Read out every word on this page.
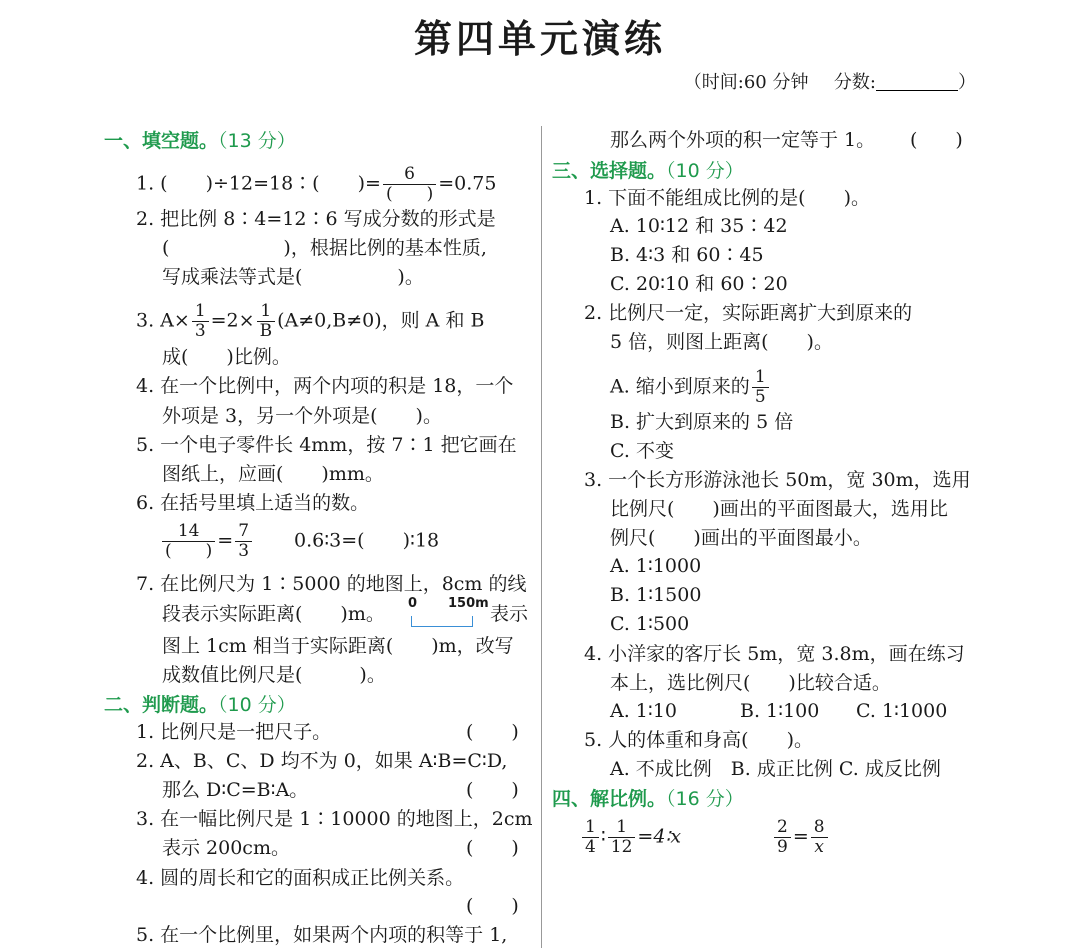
第四单元演练
（时间:60 分钟 分数:	）
一、填空题。（13 分）
1. (　　)÷12=18∶(　　)= $\frac{6}{( )} =0.75$
2. 把比例 8∶4=12∶6 写成分数的形式是
(　　　　　　)，根据比例的基本性质,
写成乘法等式是(　　　　　)。
3. $A\times \frac{1}{3} =2\times \frac{1}{B} (A\ne 0,B\ne 0)$，则 A 和 B
成(　　)比例。
4. 在一个比例中，两个内项的积是 18，一个
外项是 3，另一个外项是(　　)。
5. 一个电子零件长 4mm，按 7∶1 把它画在
图纸上，应画(　　)mm。
6. 在括号里填上适当的数。
$\frac{14}{( )} = \frac{7}{3}$ 0.6∶3=(　　)∶18
7. 在比例尺为 1∶5000 的地图上，8cm 的线
段表示实际距离(　　)m。 0 150m 表示
图上 1cm 相当于实际距离(　　)m，改写
成数值比例尺是(　　　)。
二、判断题。（10 分）
1. 比例尺是一把尺子。	(　　)
2. A、B、C、D 均不为 0，如果 A∶B=C∶D,
那么 D∶C=B∶A。	(　　)
3. 在一幅比例尺是 1∶10000 的地图上，2cm
表示 200cm。	(　　)
4. 圆的周长和它的面积成正比例关系。
(　　)
5. 在一个比例里，如果两个内项的积等于 1,
那么两个外项的积一定等于 1。 (　　)
三、选择题。（10 分）
1. 下面不能组成比例的是(　　)。
A. 10∶12 和 35∶42
B. 4∶3 和 60∶45
C. 20∶10 和 60∶20
2. 比例尺一定，实际距离扩大到原来的
5 倍，则图上距离(　　)。
A. 缩小到原来的 $\frac{1}{5}$
B. 扩大到原来的 5 倍
C. 不变
3. 一个长方形游泳池长 50m，宽 30m，选用
比例尺(　　)画出的平面图最大，选用比
例尺(　　)画出的平面图最小。
A. 1∶1000
B. 1∶1500
C. 1∶500
4. 小洋家的客厅长 5m，宽 3.8m，画在练习
本上，选比例尺(　　)比较合适。
A. 1∶10	B. 1∶100 C. 1∶1000
5. 人的体重和身高(　　)。
A. 不成比例　B. 成正比例 C. 成反比例
四、解比例。（16 分）
$\frac{1}{4}$ ∶ $\frac{1}{12}$ =4∶x	$\frac{2}{9} = \frac{8}{x}$
